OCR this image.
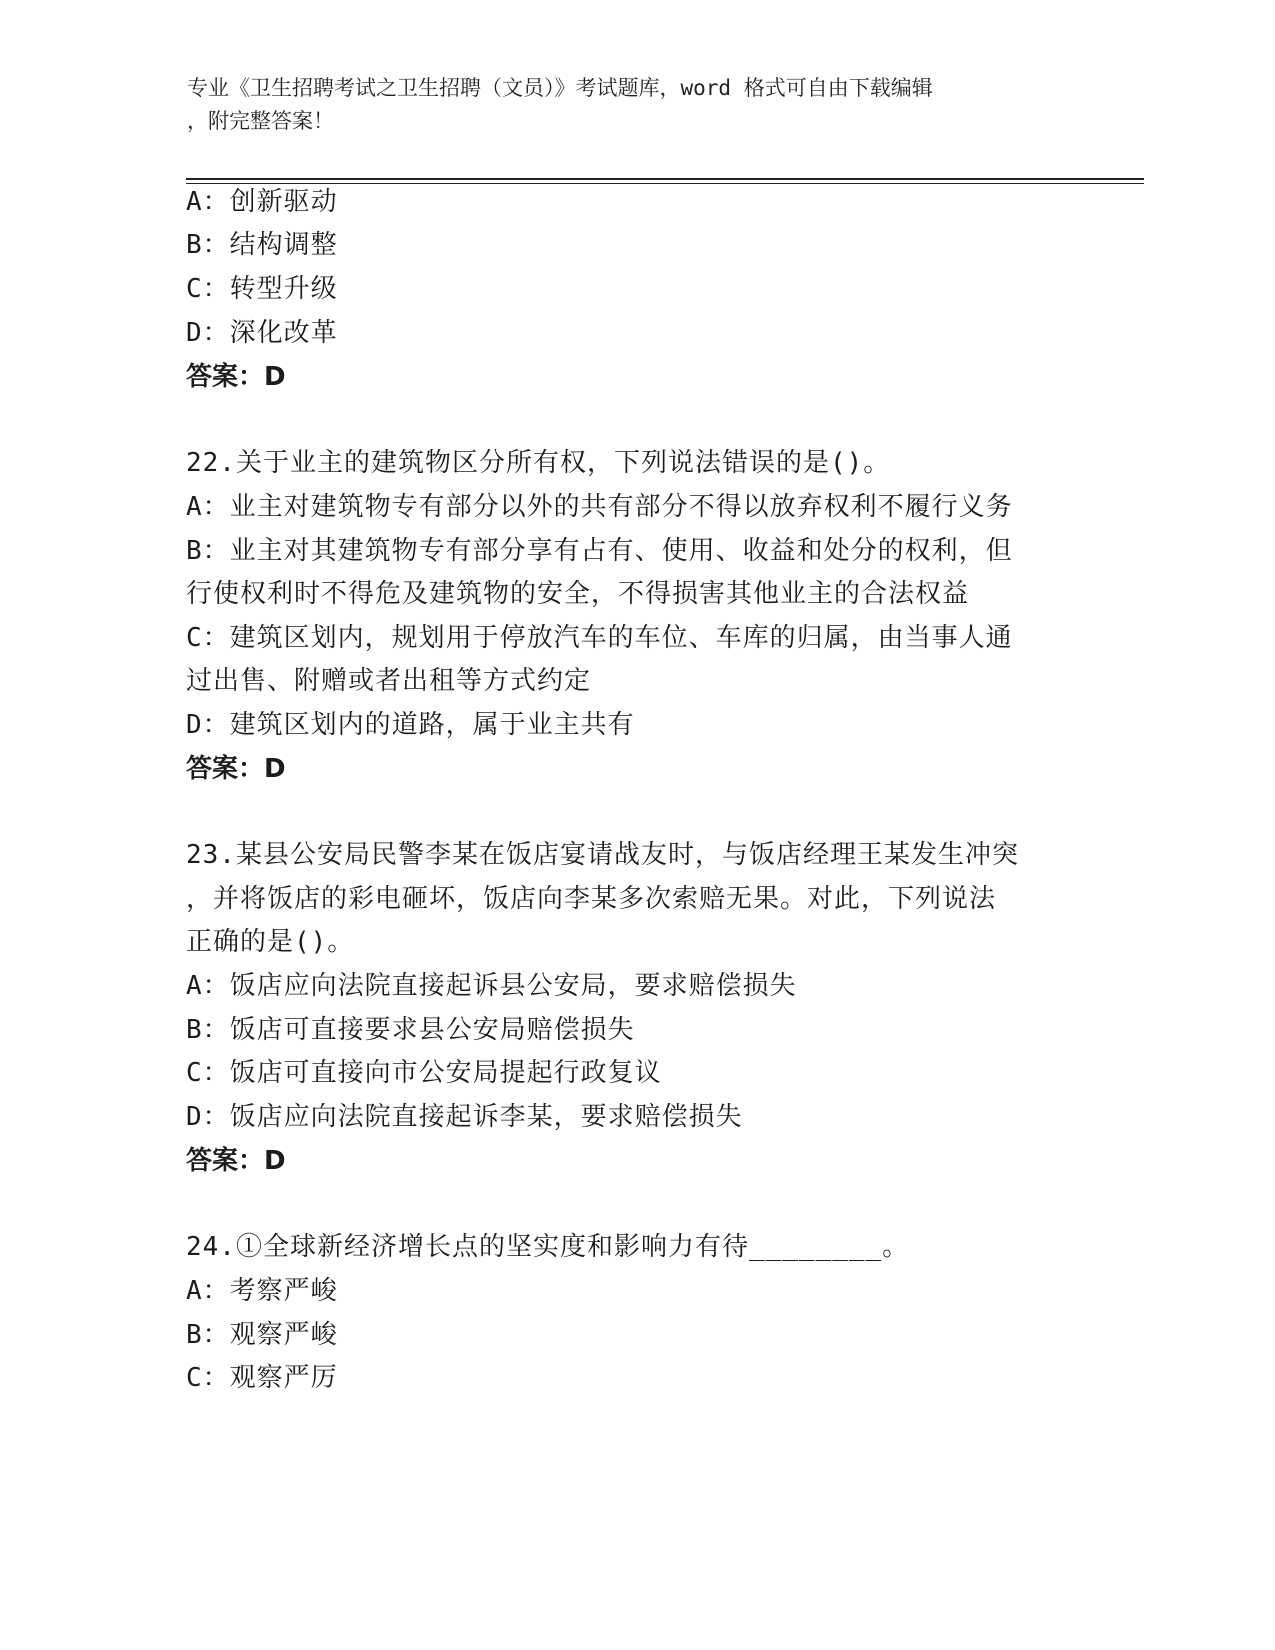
专业《卫生招聘考试之卫生招聘（文员）》考试题库，word 格式可自由下载编辑

，附完整答案！

A：创新驱动
B：结构调整
C：转型升级
D：深化改革
答案：D
22.关于业主的建筑物区分所有权，下列说法错误的是()。
A：业主对建筑物专有部分以外的共有部分不得以放弃权利不履行义务
B：业主对其建筑物专有部分享有占有、使用、收益和处分的权利，但
行使权利时不得危及建筑物的安全，不得损害其他业主的合法权益
C：建筑区划内，规划用于停放汽车的车位、车库的归属，由当事人通
过出售、附赠或者出租等方式约定
D：建筑区划内的道路，属于业主共有
答案：D
23.某县公安局民警李某在饭店宴请战友时，与饭店经理王某发生冲突
，并将饭店的彩电砸坏，饭店向李某多次索赔无果。对此，下列说法
正确的是()。
A：饭店应向法院直接起诉县公安局，要求赔偿损失
B：饭店可直接要求县公安局赔偿损失
C：饭店可直接向市公安局提起行政复议
D：饭店应向法院直接起诉李某，要求赔偿损失
答案：D
24.①全球新经济增长点的坚实度和影响力有待________。
A：考察严峻
B：观察严峻
C：观察严厉
